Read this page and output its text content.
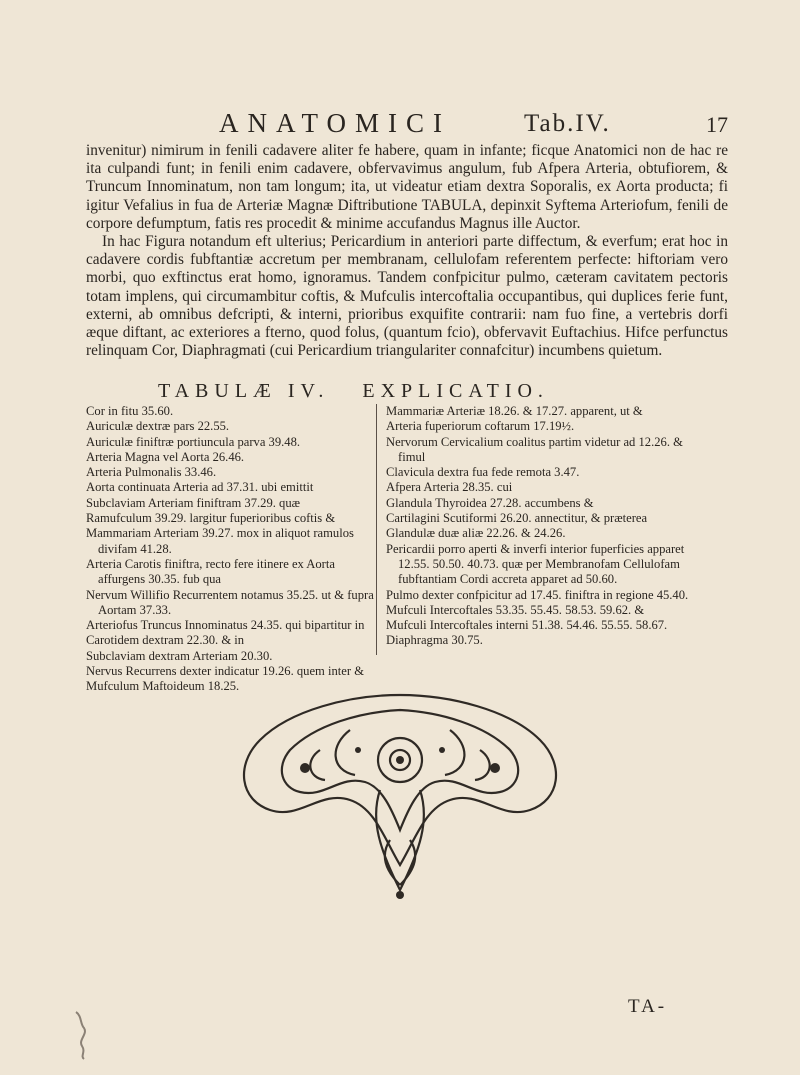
ANATOMICI	Tab.IV.	17

invenitur) nimirum in fenili cadavere aliter fe habere, quam in infante; ficque Anatomici non de hac re ita culpandi funt; in fenili enim cadavere, obfervavimus angulum, fub Afpera Arteria, obtufiorem, & Truncum Innominatum, non tam longum; ita, ut videatur etiam dextra Soporalis, ex Aorta producta; fi igitur Vefalius in fua de Arteriæ Magnæ Diftributione TABULA, depinxit Syftema Arteriofum, fenili de corpore defumptum, fatis res procedit & minime accufandus Magnus ille Auctor.

In hac Figura notandum eft ulterius; Pericardium in anteriori parte diffectum, & everfum; erat hoc in cadavere cordis fubftantiæ accretum per membranam, cellulofam referentem perfecte: hiftoriam vero morbi, quo exftinctus erat homo, ignoramus. Tandem confpicitur pulmo, cæteram cavitatem pectoris totam implens, qui circumambitur coftis, & Mufculis intercoftalia occupantibus, qui duplices ferie funt, externi, ab omnibus defcripti, & interni, prioribus exquifite contrarii: nam fuo fine, a vertebris dorfi æque diftant, ac exteriores a fterno, quod folus, (quantum fcio), obfervavit Euftachius. Hifce perfunctus relinquam Cor, Diaphragmati (cui Pericardium triangulariter connafcitur) incumbens quietum.

TABULÆ IV. EXPLICATIO.
Cor in fitu 35.60.
Auriculæ dextræ pars 22.55.
Auriculæ finiftræ portiuncula parva 39.48.
Arteria Magna vel Aorta 26.46.
Arteria Pulmonalis 33.46.
Aorta continuata Arteria ad 37.31. ubi emittit
Subclaviam Arteriam finiftram 37.29. quæ
Ramufculum 39.29. largitur fuperioribus coftis &
Mammariam Arteriam 39.27. mox in aliquot ramulos divifam 41.28.
Arteria Carotis finiftra, recto fere itinere ex Aorta affurgens 30.35. fub qua
Nervum Willifio Recurrentem notamus 35.25. ut & fupra Aortam 37.33.
Arteriofus Truncus Innominatus 24.35. qui bipartitur in
Carotidem dextram 22.30. & in
Subclaviam dextram Arteriam 20.30.
Nervus Recurrens dexter indicatur 19.26. quem inter &
Mufculum Maftoideum 18.25.
Mammariæ Arteriæ 18.26. & 17.27. apparent, ut &
Arteria fuperiorum coftarum 17.19½.
Nervorum Cervicalium coalitus partim videtur ad 12.26. & fimul
Clavicula dextra fua fede remota 3.47.
Afpera Arteria 28.35. cui
Glandula Thyroidea 27.28. accumbens &
Cartilagini Scutiformi 26.20. annectitur, & præterea
Glandulæ duæ aliæ 22.26. & 24.26.
Pericardii porro aperti & inverfi interior fuperficies apparet 12.55. 50.50. 40.73. quæ per Membranofam Cellulofam fubftantiam Cordi accreta apparet ad 50.60.
Pulmo dexter confpicitur ad 17.45. finiftra in regione 45.40.
Mufculi Intercoftales 53.35. 55.45. 58.53. 59.62. &
Mufculi Intercoftales interni 51.38. 54.46. 55.55. 58.67.
Diaphragma 30.75.
TA-
